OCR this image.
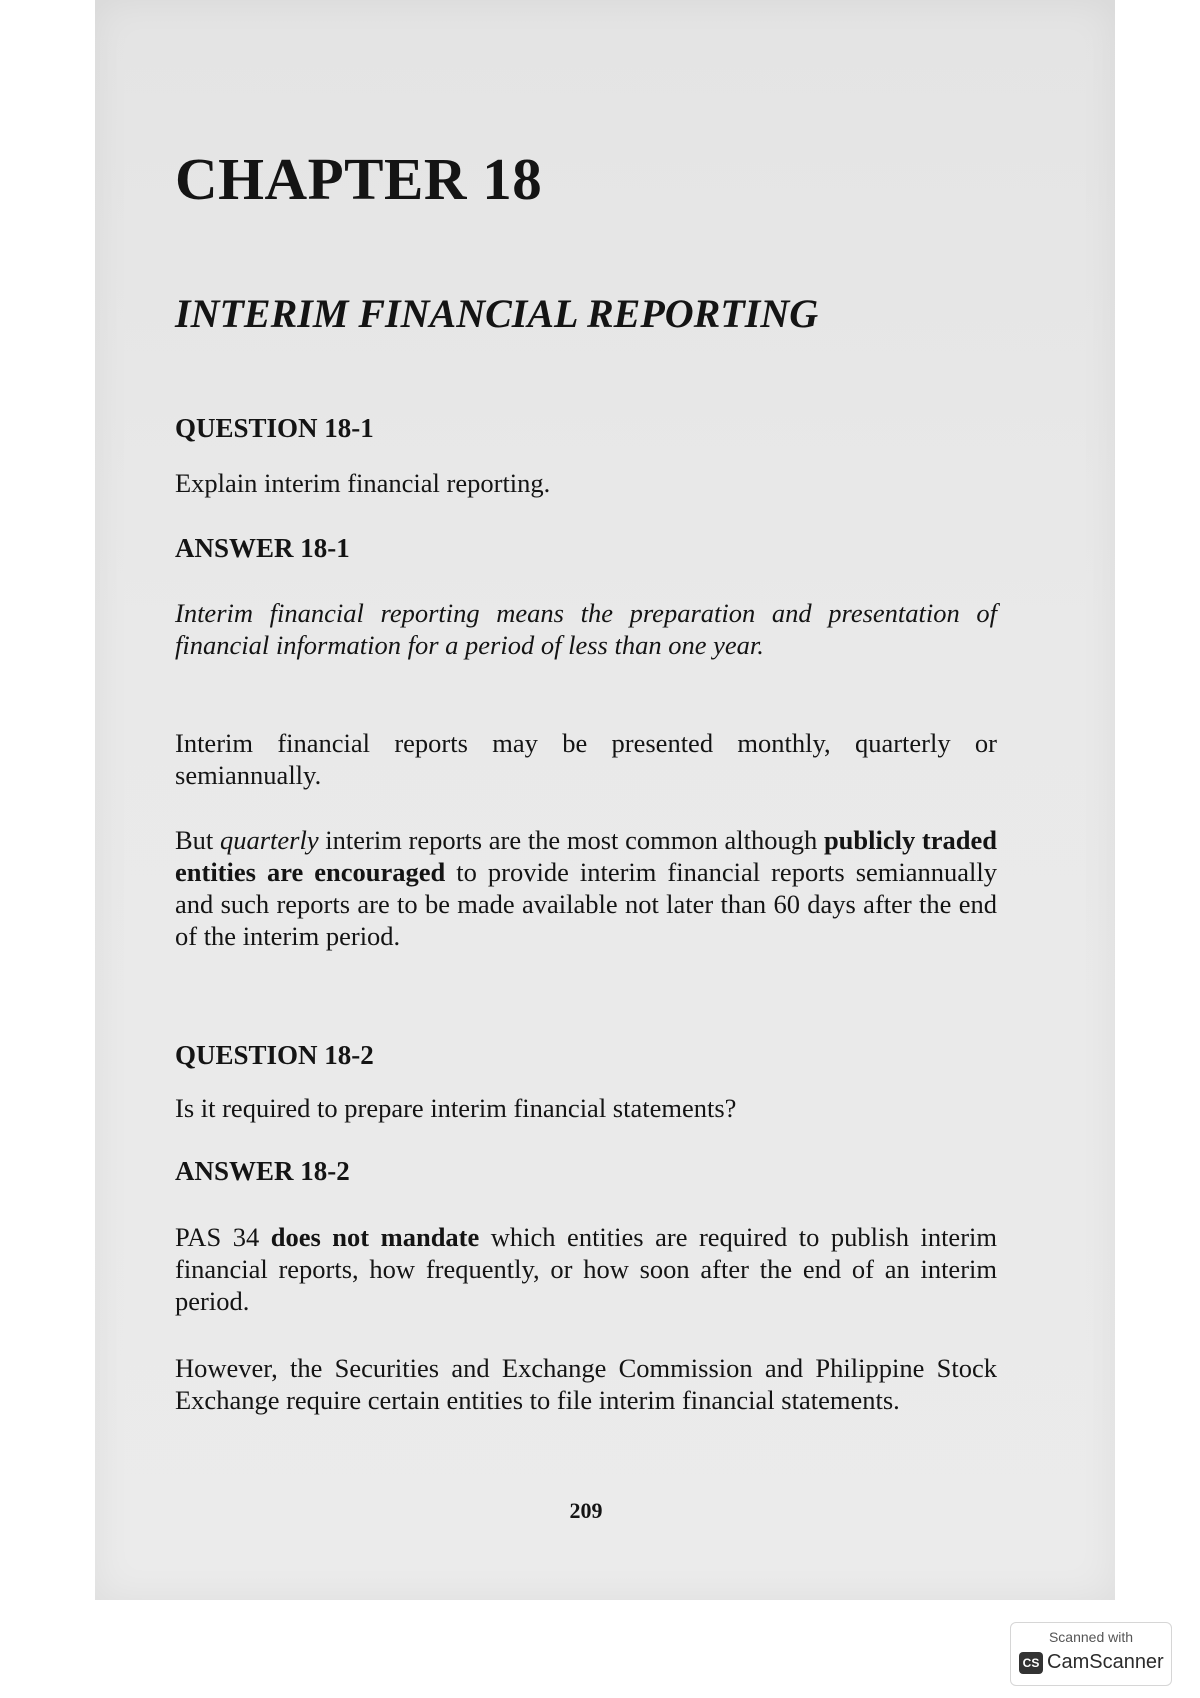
CHAPTER 18
INTERIM FINANCIAL REPORTING
QUESTION 18-1

Explain interim financial reporting.

ANSWER 18-1

Interim financial reporting means the preparation and presentation of financial information for a period of less than one year.

Interim financial reports may be presented monthly, quarterly or semiannually.

But quarterly interim reports are the most common although publicly traded entities are encouraged to provide interim financial reports semiannually and such reports are to be made available not later than 60 days after the end of the interim period.

QUESTION 18-2

Is it required to prepare interim financial statements?

ANSWER 18-2

PAS 34 does not mandate which entities are required to publish interim financial reports, how frequently, or how soon after the end of an interim period.

However, the Securities and Exchange Commission and Philippine Stock Exchange require certain entities to file interim financial statements.

209

Scanned with
CS CamScanner
